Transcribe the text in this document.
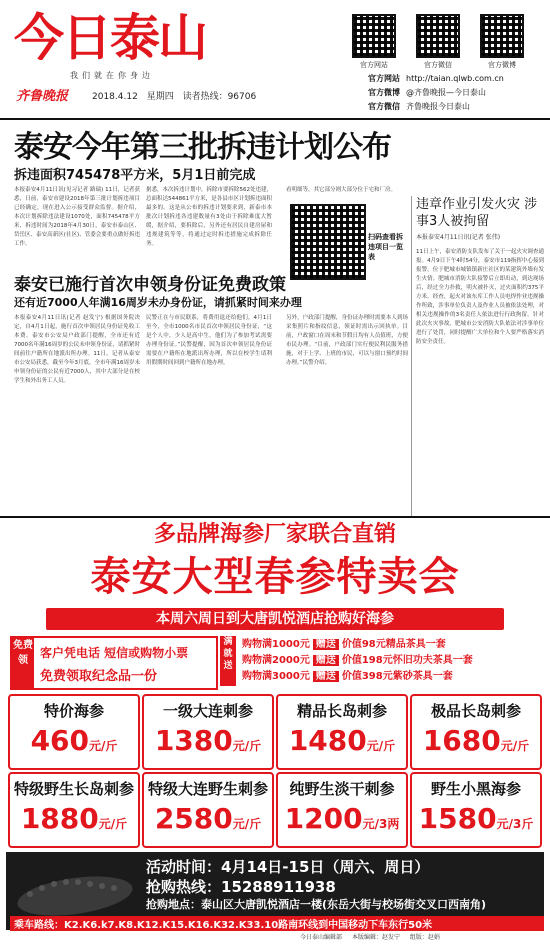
今日泰山
我们就在你身边
齐鲁晚报	2018.4.12 星期四 读者热线：96706
官方网站	官方微信	官方微博
官方网站 http://taian.qlwb.com.cn
官方微博 @齐鲁晚报—今日泰山
官方微信 齐鲁晚报今日泰山
泰安今年第三批拆违计划公布
拆违面积745478平方米，5月1日前完成
本报泰安4月11日讯(见习记者 路瑞) 11日，记者获悉，日前，泰安市建设2018年第三批计划拆违项目已经确定，现在进入公示接受群众监督。据介绍，本次计划拆除违法建设1070处，面积745478平方米，拆违时间为2018年4月30日，泰安市泰山区、岱岳区、泰安高新区(社区)、管委会要重点做好拆违工作。
据悉，本次拆违计划中，拆除市要拆除562处违建，总面积达544861平方米，是各县市区计划拆违面积最多的。这是从公布的拆违计划要求到，新泰市本批次计划拆违各违建数量有3处由于拆除难度大暂缓，据介绍，要拆除后，另外还有居民自建房屋和违规建筑等等，将通过定时拆违措施完成拆除任务。
看明细等，其它部分则大部分位于宅和厂房。
扫码查看拆违项目一览表
违章作业引发火灾 涉事3人被拘留
本报泰安4月11日讯(记者 张伟)
11日上午，泰安消防支队发布了关于一起火灾调查通报。4月9日下午4时54分，泰安市119指挥中心接到报警，位于肥城市城镇镇新庄社区的某建筑外墙有发生火情。肥城市消防大队接警后立即出动，到达现场后，经过全力扑救，明火被扑灭，过火面积约375平方米。经查，起火对该东库工作人员电焊作业违规操作所致，涉事单位负责人及作业人员被依法处理，对相关违规操作的3名责任人依法进行行政拘留。针对此次火灾事故，肥城市公安消防大队依法对涉事单位进行了处罚，同时提醒广大单位和个人要严格落实消防安全责任。
泰安已施行首次申领身份证免费政策
还有近7000人年满16周岁未办身份证，请抓紧时间来办理
本报泰安4月11日讯(记者 赵发宁) 根据国务院决定，自4月1日起，施行首次申领居民身份证免收工本费。泰安市公安局户政部门提醒，全市还有近7000名年满16周岁的公民未申领身份证，请抓紧时间前往户籍所在地派出所办理。11日，记者从泰安市公安局获悉，截至今年3月底，全市年满16周岁未申领身份证的公民有近7000人，其中大部分是在校学生和外出务工人员。
民警正在与市民联系，将费用退还给他们。4月1日至今，全市1000名市民首次申领居民身份证，“这是个人中，少人是高中生，他们为了参加考试需要办理身份证。”民警提醒，因为首次申领居民身份证需要在户籍所在地派出所办理，所以在校学生请利用假期时间回到户籍所在地办理。
另外，户政部门提醒，身份证办理时需要本人到场采集照片和指纹信息，领证时需出示回执单。目前，户政窗口在周末和节假日均有人员值班，方便市民办理。“目前，户政部门实行便民利民服务措施，对于上学、上班的市民，可以与窗口预约时间办理。”民警介绍。
多品牌海参厂家联合直销
泰安大型春参特卖会
本周六周日到大唐凯悦酒店抢购好海参
免费领
客户凭电话 短信或购物小票
免费领取纪念品一份
满就送
购物满1000元 赠送 价值98元精品茶具一套
购物满2000元 赠送 价值198元怀旧功夫茶具一套
购物满3000元 赠送 价值398元紫砂茶具一套
特价海参
460元/斤
一级大连刺参
1380元/斤
精品长岛刺参
1480元/斤
极品长岛刺参
1680元/斤
特级野生长岛刺参
1880元/斤
特级大连野生刺参
2580元/斤
纯野生淡干刺参
1200元/3两
野生小黑海参
1580元/3斤
活动时间：4月14日-15日（周六、周日）
抢购热线：15288911938
抢购地点：泰山区大唐凯悦酒店一楼(东岳大街与校场街交叉口西南角)
乘车路线：K2.K6.k7.K8.K12.K15.K16.K32.K33.10路南环线到中国移动下车东行50米
今日泰山编辑部 本版编辑：赵发宁 组版：赵娟
